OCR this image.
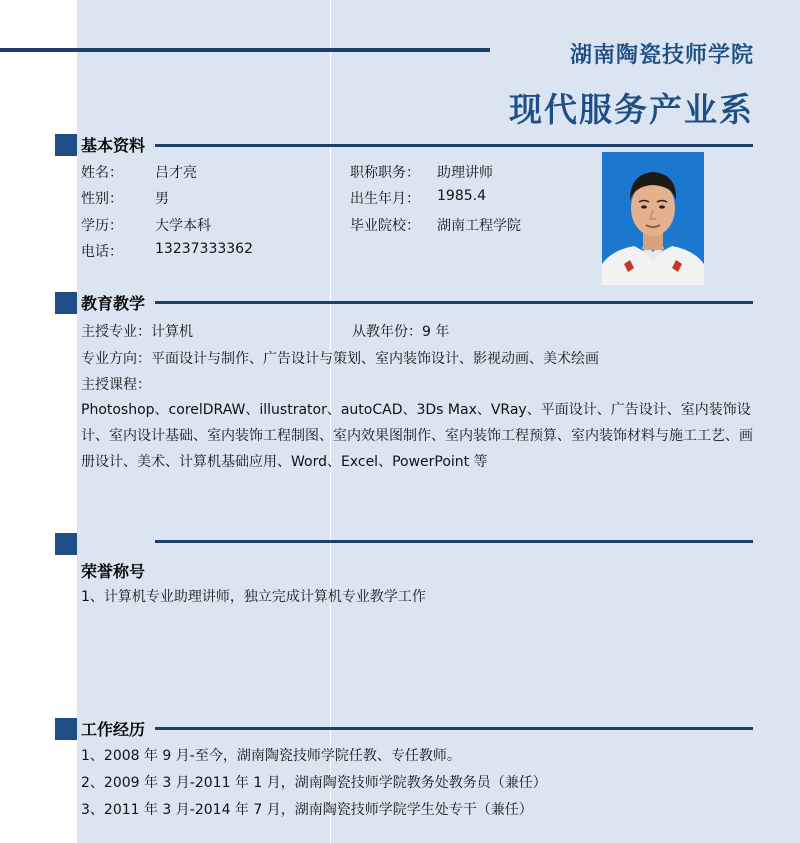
湖南陶瓷技师学院
现代服务产业系
基本资料
姓名： 吕才亮
性别： 男
学历： 大学本科
电话： 13237333362
职称职务： 助理讲师
出生年月： 1985.4
毕业院校： 湖南工程学院
教育教学
主授专业：计算机	从教年份：9 年
专业方向：平面设计与制作、广告设计与策划、室内装饰设计、影视动画、美术绘画
主授课程：
Photoshop、corelDRAW、illustrator、autoCAD、3Ds Max、VRay、平面设计、广告设计、室内装饰设计、室内设计基础、室内装饰工程制图、室内效果图制作、室内装饰工程预算、室内装饰材料与施工工艺、画册设计、美术、计算机基础应用、Word、Excel、PowerPoint 等
荣誉称号
1、计算机专业助理讲师，独立完成计算机专业教学工作
工作经历
1、2008 年 9 月-至今，湖南陶瓷技师学院任教、专任教师。
2、2009 年 3 月-2011 年 1 月，湖南陶瓷技师学院教务处教务员（兼任）
3、2011 年 3 月-2014 年 7 月，湖南陶瓷技师学院学生处专干（兼任）
